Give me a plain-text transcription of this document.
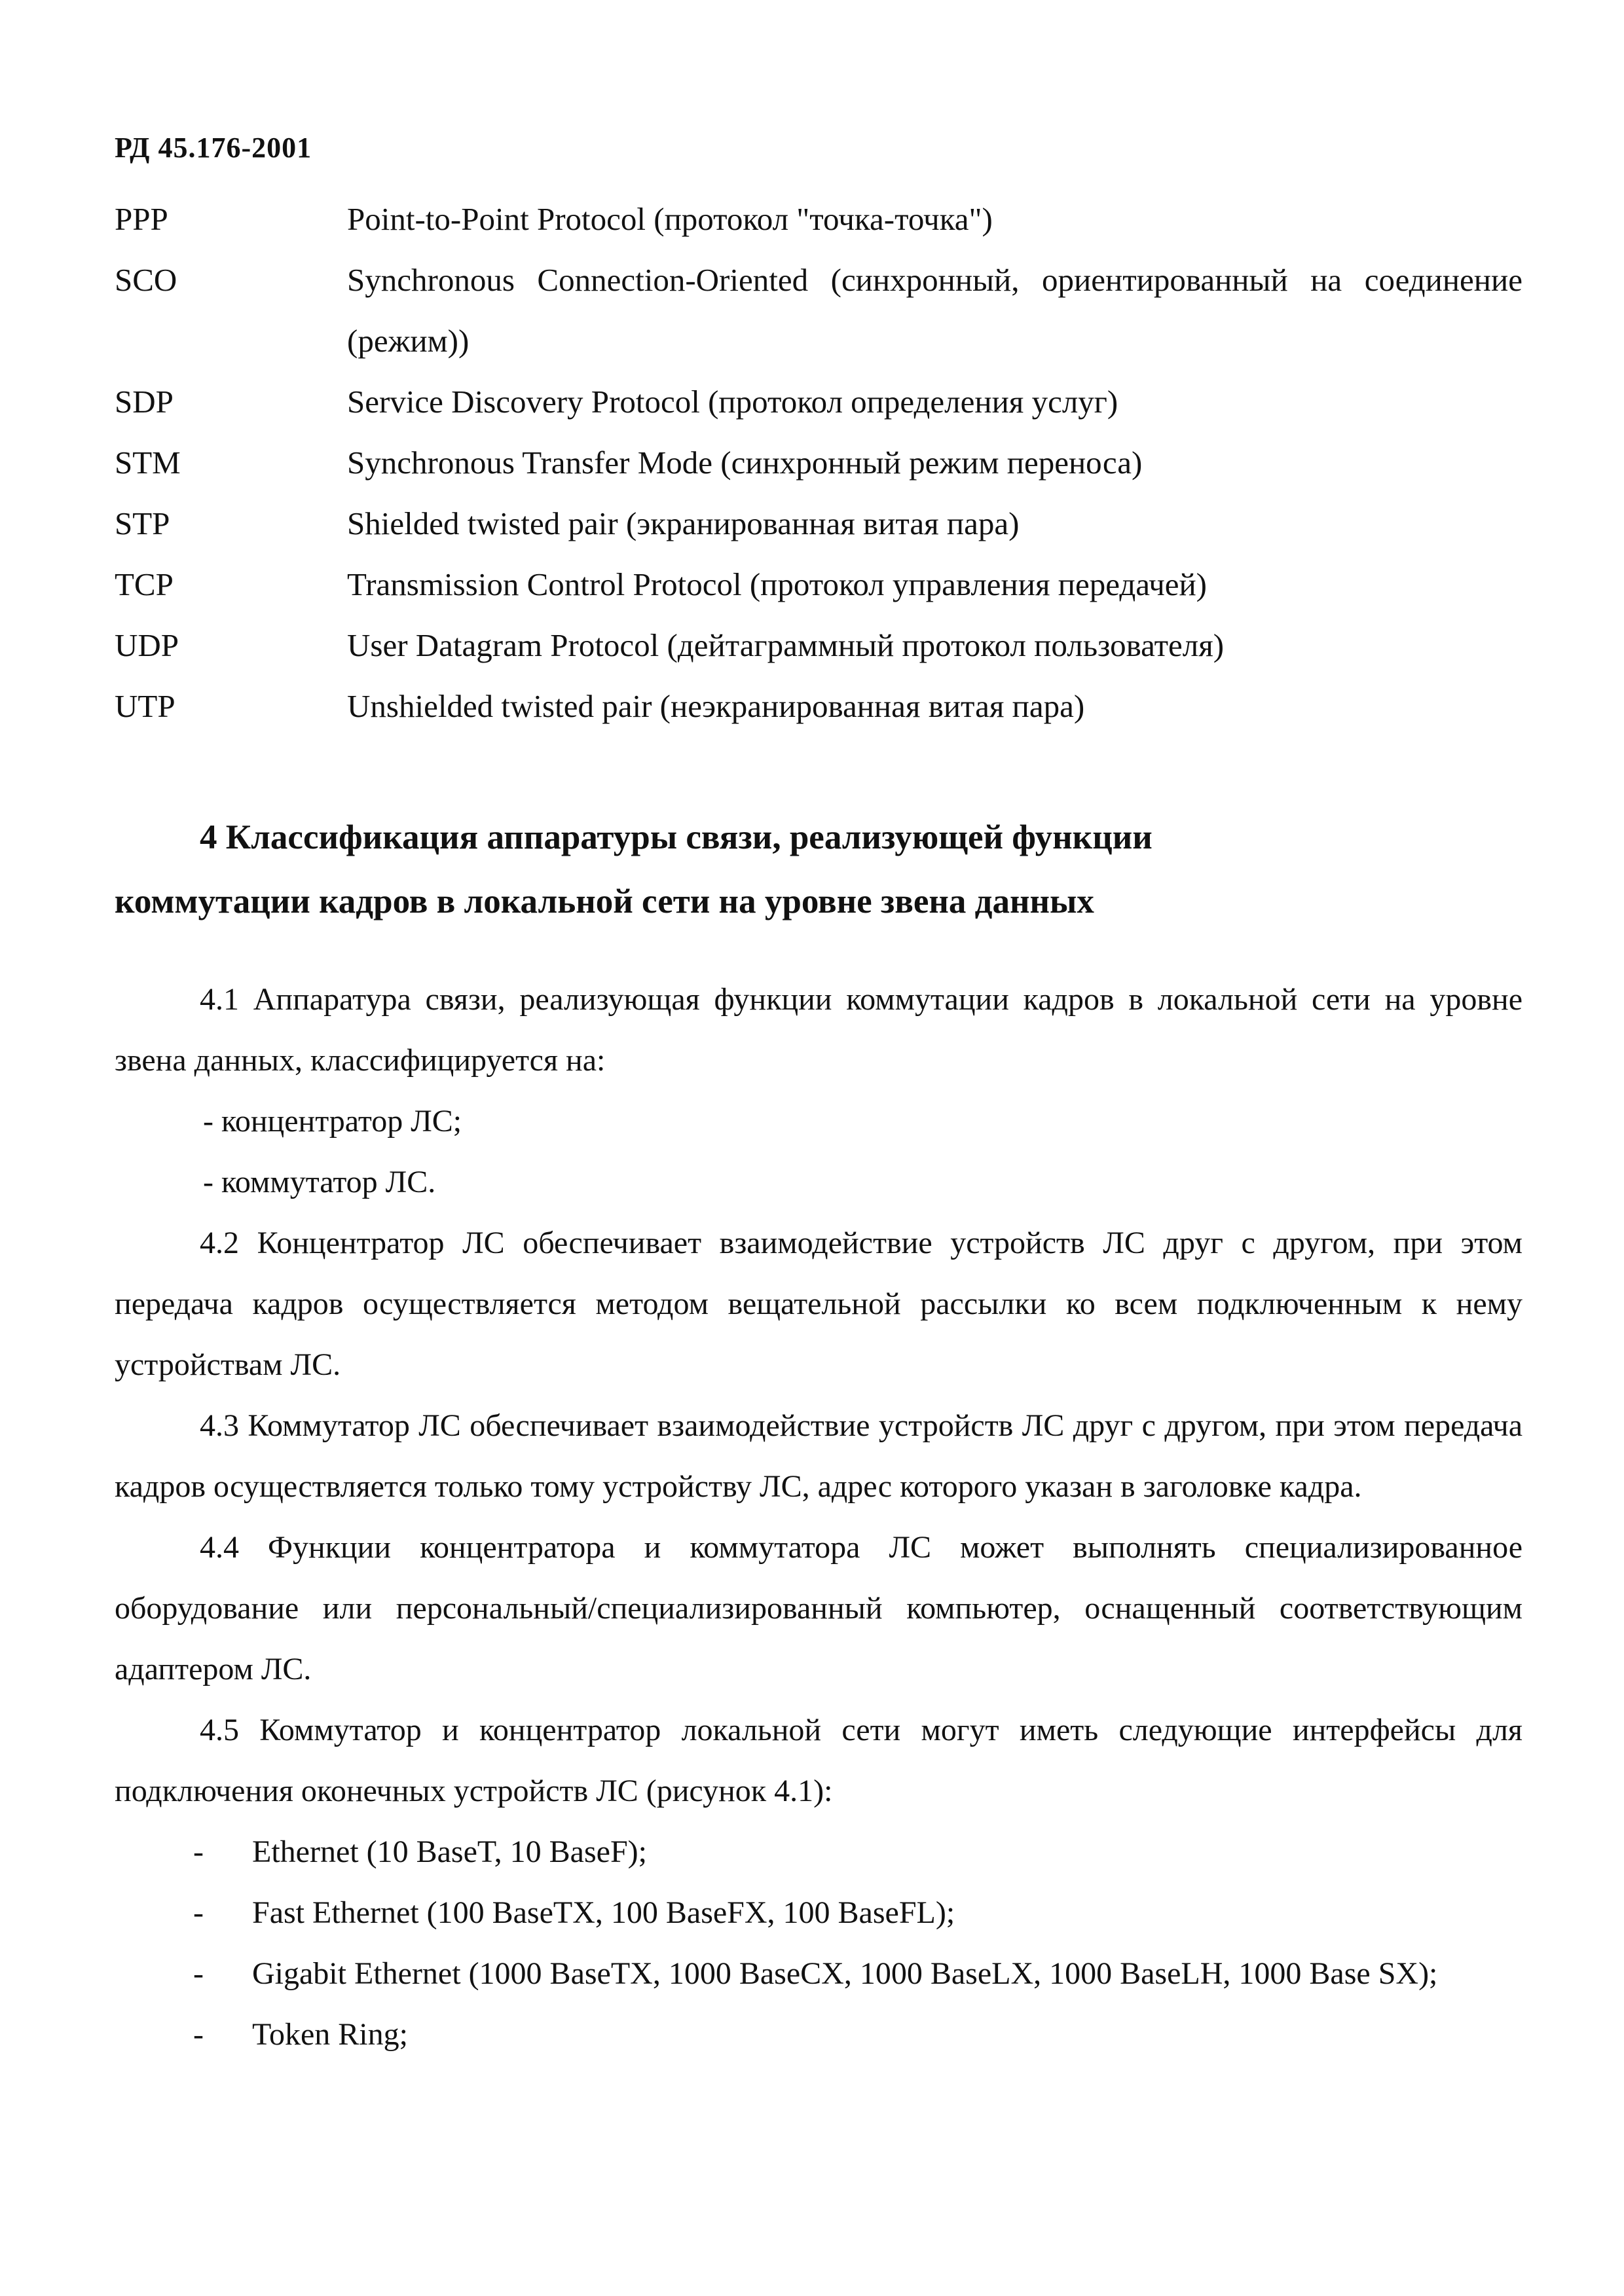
РД 45.176-2001
PPP	Point-to-Point Protocol (протокол "точка-точка")
SCO	Synchronous Connection-Oriented (синхронный, ориентированный на соединение (режим))
SDP	Service Discovery Protocol (протокол определения услуг)
STM	Synchronous Transfer Mode (синхронный режим переноса)
STP	Shielded twisted pair (экранированная витая пара)
TCP	Transmission Control Protocol (протокол управления передачей)
UDP	User Datagram Protocol (дейтаграммный протокол пользователя)
UTP	Unshielded twisted pair (неэкранированная витая пара)
4 Классификация аппаратуры связи, реализующей функции
коммутации кадров в локальной сети на уровне звена данных

4.1 Аппаратура связи, реализующая функции коммутации кадров в локальной сети на уровне звена данных, классифицируется на:

- концентратор ЛС;

- коммутатор ЛС.

4.2 Концентратор ЛС обеспечивает взаимодействие устройств ЛС друг с другом, при этом передача кадров осуществляется методом вещательной рассылки ко всем подключенным к нему устройствам ЛС.

4.3 Коммутатор ЛС обеспечивает взаимодействие устройств ЛС друг с другом, при этом передача кадров осуществляется только тому устройству ЛС, адрес которого указан в заголовке кадра.

4.4 Функции концентратора и коммутатора ЛС может выполнять специализированное оборудование или персональный/специализированный компьютер, оснащенный соответствующим адаптером ЛС.

4.5 Коммутатор и концентратор локальной сети могут иметь следующие интерфейсы для подключения оконечных устройств ЛС (рисунок 4.1):

- Ethernet (10 BaseT, 10 BaseF);
- Fast Ethernet (100 BaseTX, 100 BaseFX, 100 BaseFL);
- Gigabit Ethernet (1000 BaseTX, 1000 BaseCX, 1000 BaseLX, 1000 BaseLH, 1000 Base SX);
- Token Ring;
